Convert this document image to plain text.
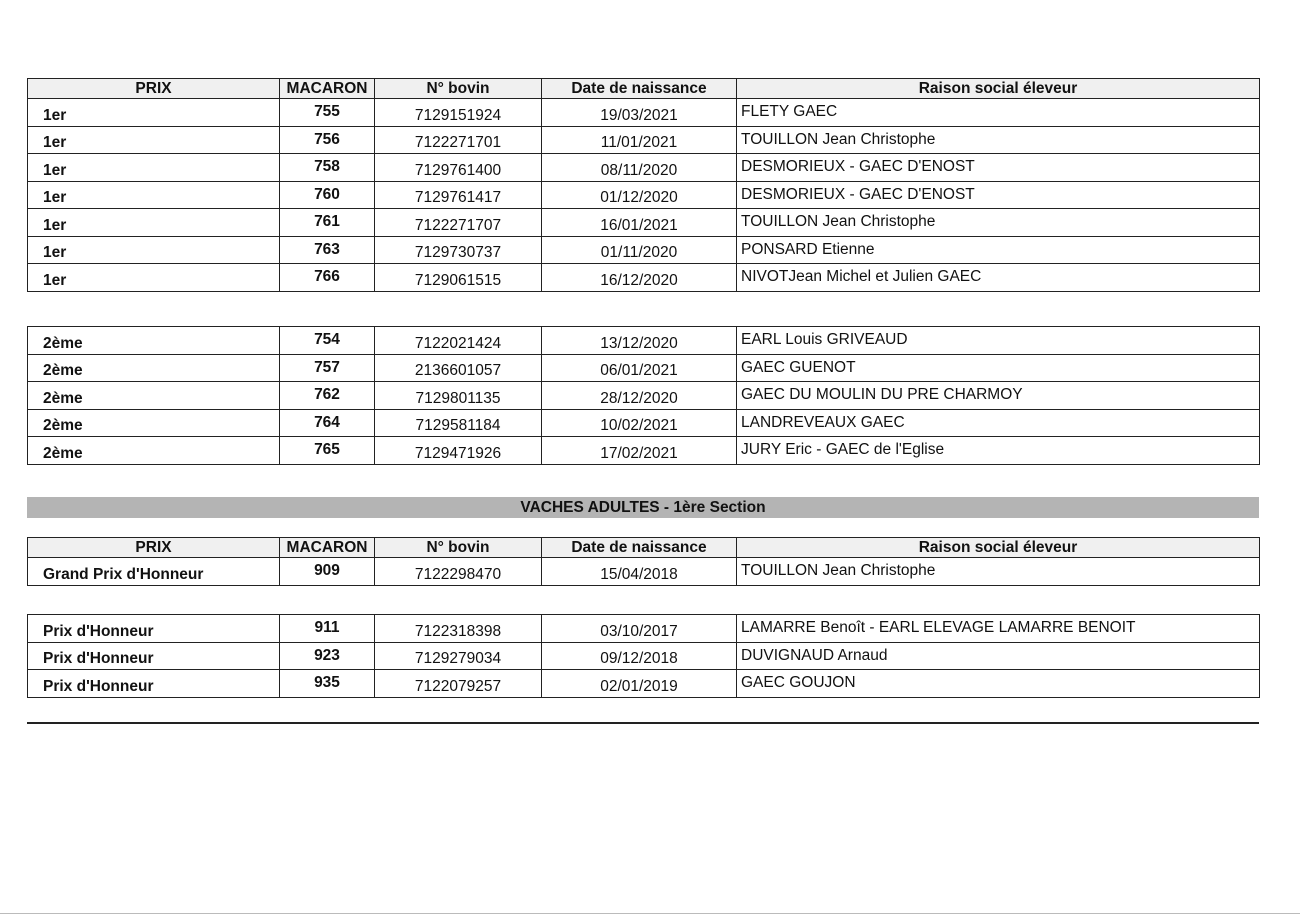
PRIX	MACARON	N° bovin	Date de naissance	Raison social éleveur
1er	755	7129151924	19/03/2021	FLETY GAEC
1er	756	7122271701	11/01/2021	TOUILLON Jean Christophe
1er	758	7129761400	08/11/2020	DESMORIEUX - GAEC D'ENOST
1er	760	7129761417	01/12/2020	DESMORIEUX - GAEC D'ENOST
1er	761	7122271707	16/01/2021	TOUILLON Jean Christophe
1er	763	7129730737	01/11/2020	PONSARD Etienne
1er	766	7129061515	16/12/2020	NIVOTJean Michel et Julien GAEC
2ème	754	7122021424	13/12/2020	EARL Louis GRIVEAUD
2ème	757	2136601057	06/01/2021	GAEC GUENOT
2ème	762	7129801135	28/12/2020	GAEC DU MOULIN DU PRE CHARMOY
2ème	764	7129581184	10/02/2021	LANDREVEAUX GAEC
2ème	765	7129471926	17/02/2021	JURY Eric - GAEC de l'Eglise
VACHES ADULTES - 1ère Section
PRIX	MACARON	N° bovin	Date de naissance	Raison social éleveur
Grand Prix d'Honneur	909	7122298470	15/04/2018	TOUILLON Jean Christophe
Prix d'Honneur	911	7122318398	03/10/2017	LAMARRE Benoît - EARL ELEVAGE LAMARRE BENOIT
Prix d'Honneur	923	7129279034	09/12/2018	DUVIGNAUD Arnaud
Prix d'Honneur	935	7122079257	02/01/2019	GAEC GOUJON
